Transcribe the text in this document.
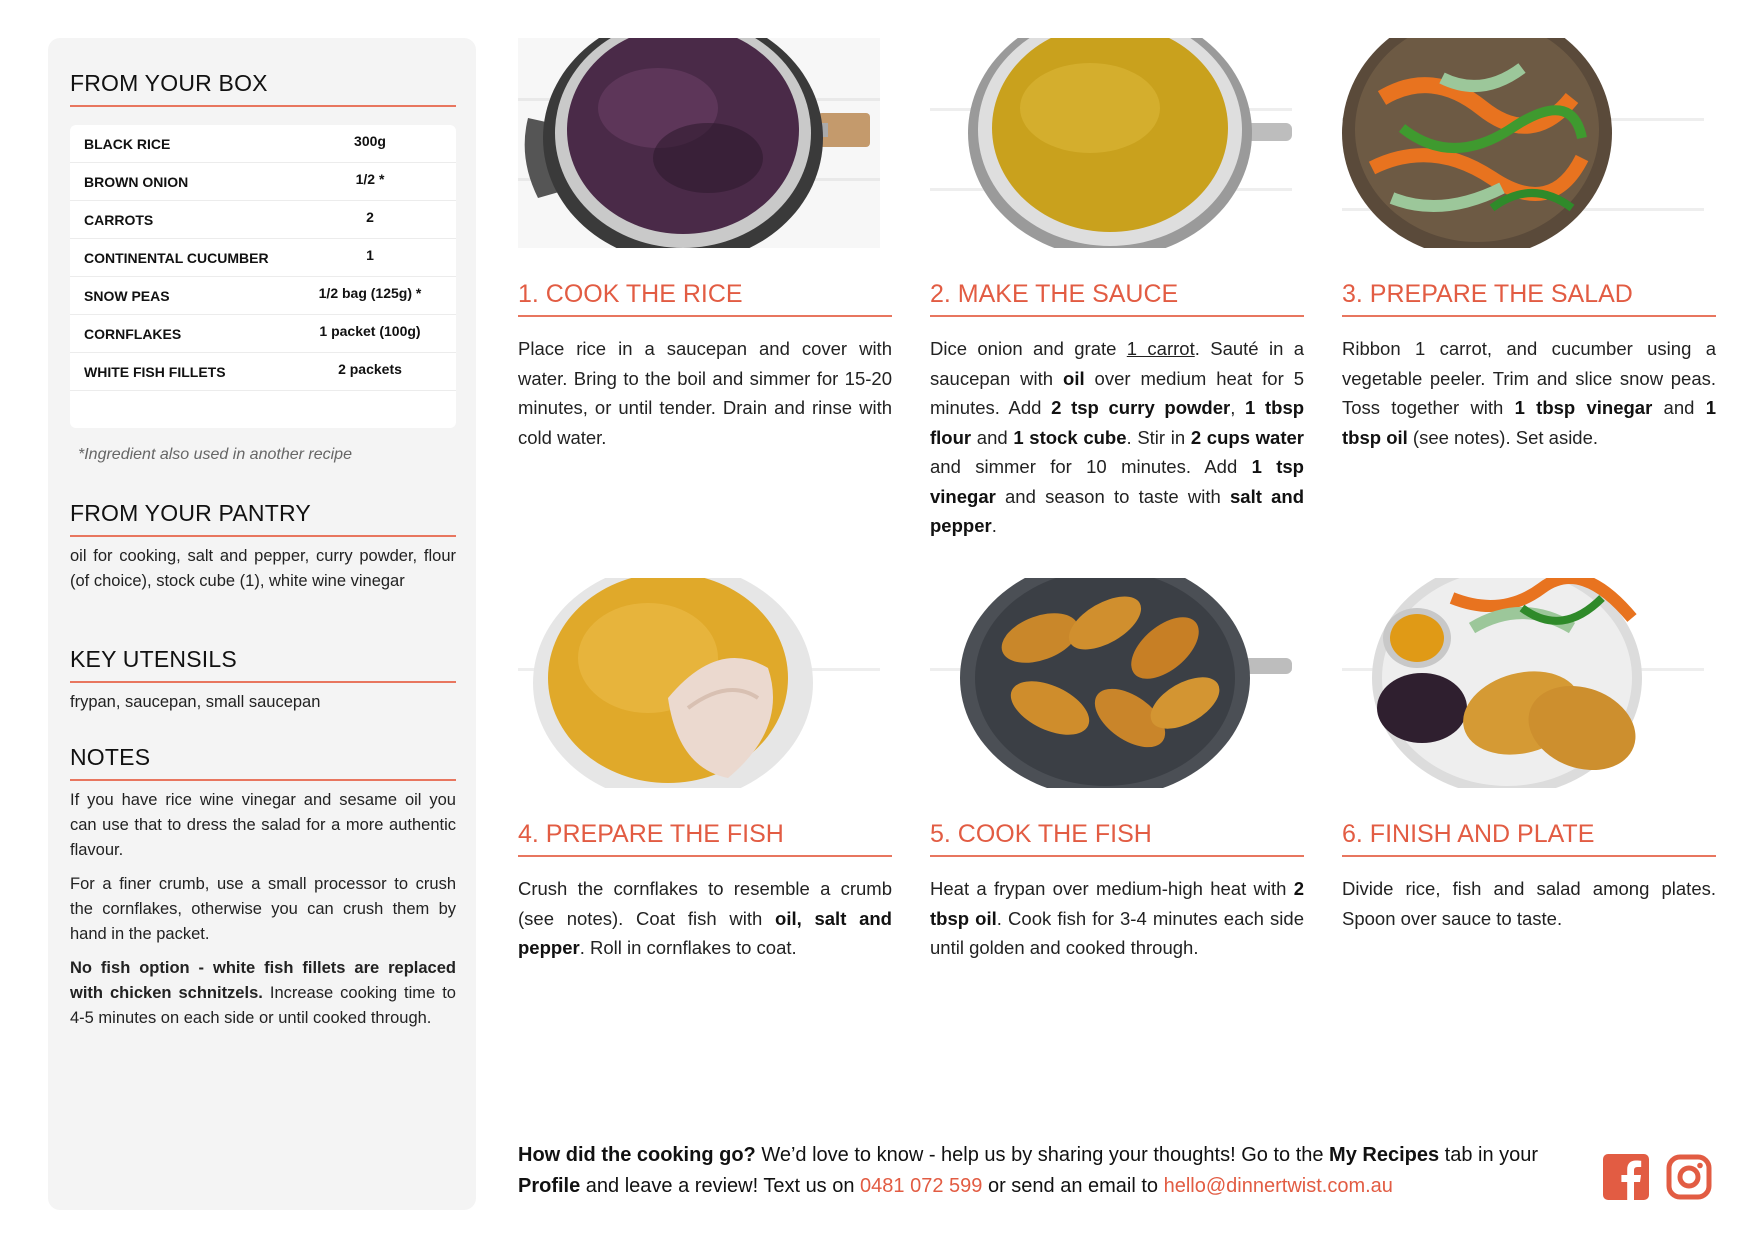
FROM YOUR BOX
BLACK RICE	300g
BROWN ONION	1/2 *
CARROTS	2
CONTINENTAL CUCUMBER	1
SNOW PEAS	1/2 bag (125g) *
CORNFLAKES	1 packet (100g)
WHITE FISH FILLETS	2 packets
*Ingredient also used in another recipe
FROM YOUR PANTRY
oil for cooking, salt and pepper, curry powder, flour (of choice), stock cube (1), white wine vinegar
KEY UTENSILS
frypan, saucepan, small saucepan
NOTES
If you have rice wine vinegar and sesame oil you can use that to dress the salad for a more authentic flavour.
For a finer crumb, use a small processor to crush the cornflakes, otherwise you can crush them by hand in the packet.
No fish option - white fish fillets are replaced with chicken schnitzels. Increase cooking time to 4-5 minutes on each side or until cooked through.
1. COOK THE RICE	2. MAKE THE SAUCE	3. PREPARE THE SALAD
Place rice in a saucepan and cover with water. Bring to the boil and simmer for 15-20 minutes, or until tender. Drain and rinse with cold water.
Dice onion and grate 1 carrot. Sauté in a saucepan with oil over medium heat for 5 minutes. Add 2 tsp curry powder, 1 tbsp flour and 1 stock cube. Stir in 2 cups water and simmer for 10 minutes. Add 1 tsp vinegar and season to taste with salt and pepper.
Ribbon 1 carrot, and cucumber using a vegetable peeler. Trim and slice snow peas. Toss together with 1 tbsp vinegar and 1 tbsp oil (see notes). Set aside.
4. PREPARE THE FISH	5. COOK THE FISH	6. FINISH AND PLATE
Crush the cornflakes to resemble a crumb (see notes). Coat fish with oil, salt and pepper. Roll in cornflakes to coat.
Heat a frypan over medium-high heat with 2 tbsp oil. Cook fish for 3-4 minutes each side until golden and cooked through.
Divide rice, fish and salad among plates. Spoon over sauce to taste.
How did the cooking go? We’d love to know - help us by sharing your thoughts! Go to the My Recipes tab in your Profile and leave a review! Text us on 0481 072 599 or send an email to hello@dinnertwist.com.au
